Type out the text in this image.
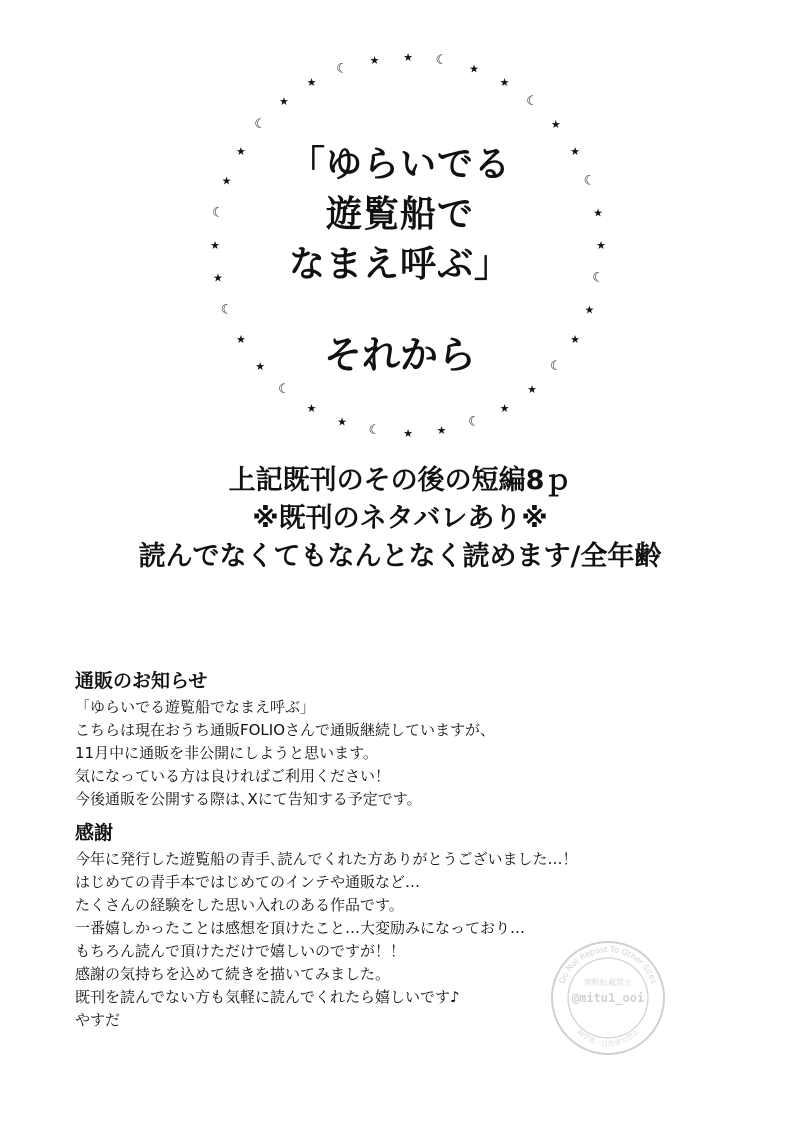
★ ☾
★
★
☾
★
★
☾
★
★
☾
★
★
☾
★
★
☾
★
★
☾
★
★
☾
★
★
☾
★
★
☾
★
★
☾
★
★
☾
★
「ゆらいでる
遊覧船で
なまえ呼ぶ」
それから
上記既刊のその後の短編8ｐ
※既刊のネタバレあり※
読んでなくてもなんとなく読めます/全年齢
通販のお知らせ
「ゆらいでる遊覧船でなまえ呼ぶ」
こちらは現在おうち通販FOLIOさんで通販継続していますが、
11月中に通販を非公開にしようと思います。
気になっている方は良ければご利用ください！
今後通販を公開する際は､Xにて告知する予定です。
感謝
今年に発行した遊覧船の青手､読んでくれた方ありがとうございました…！
はじめての青手本ではじめてのインテや通販など…
たくさんの経験をした思い入れのある作品です。
一番嬉しかったことは感想を頂けたこと…大変励みになっており…
もちろん読んで頂けただけで嬉しいのですが！！
感謝の気持ちを込めて続きを描いてみました。
既刊を読んでない方も気軽に読んでくれたら嬉しいです♪
やすだ
Do Not Repost To Other Sites
無断転載禁止
@mitu1_ooi
AI学習・自作発言禁止
